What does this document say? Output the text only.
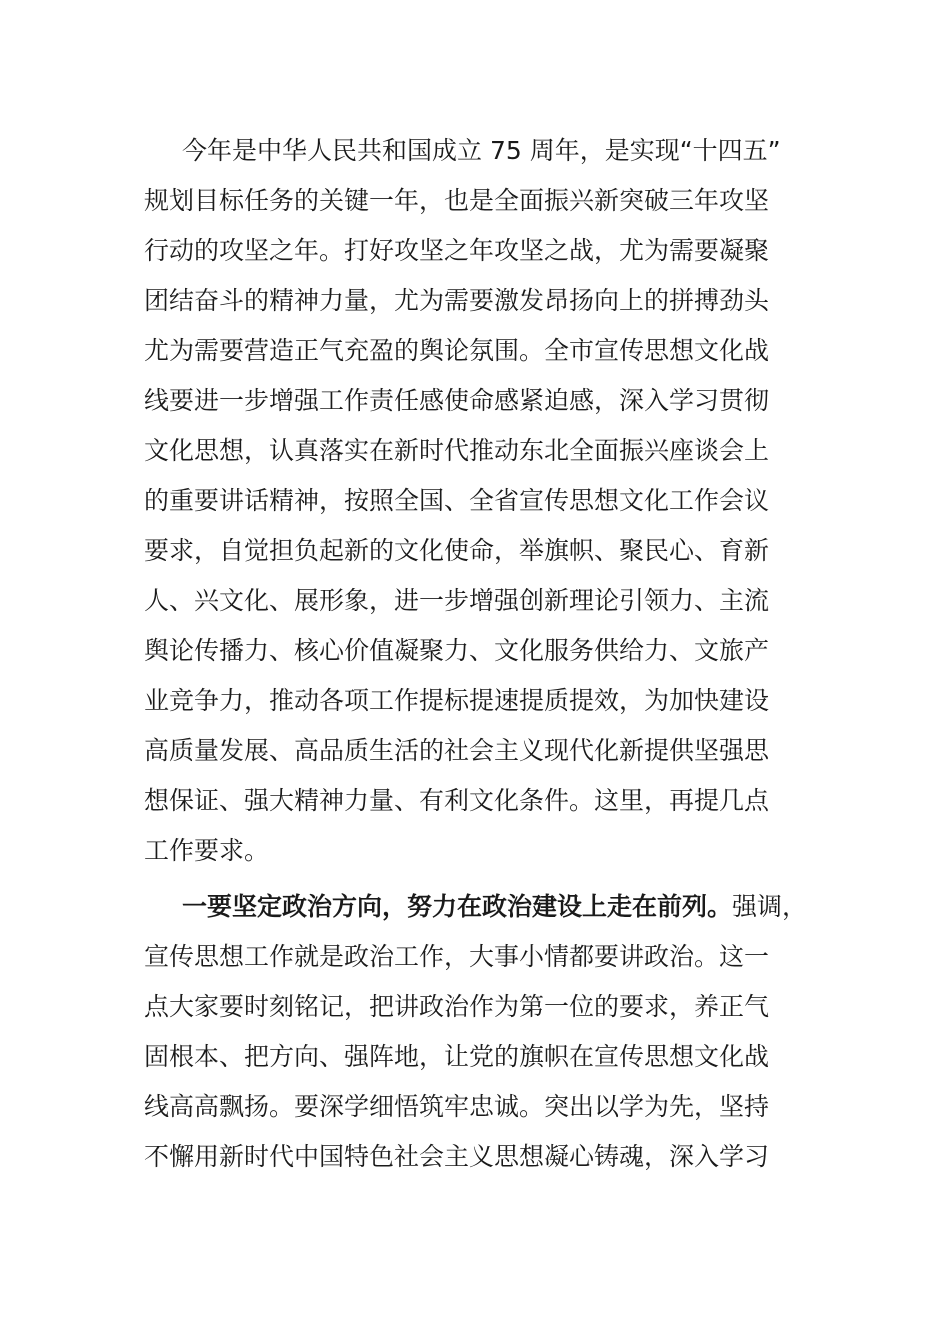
今年是中华人民共和国成立 75 周年，是实现“十四五”
规划目标任务的关键一年，也是全面振兴新突破三年攻坚
行动的攻坚之年。打好攻坚之年攻坚之战，尤为需要凝聚
团结奋斗的精神力量，尤为需要激发昂扬向上的拼搏劲头
尤为需要营造正气充盈的舆论氛围。全市宣传思想文化战
线要进一步增强工作责任感使命感紧迫感，深入学习贯彻
文化思想，认真落实在新时代推动东北全面振兴座谈会上
的重要讲话精神，按照全国、全省宣传思想文化工作会议
要求，自觉担负起新的文化使命，举旗帜、聚民心、育新
人、兴文化、展形象，进一步增强创新理论引领力、主流
舆论传播力、核心价值凝聚力、文化服务供给力、文旅产
业竞争力，推动各项工作提标提速提质提效，为加快建设
高质量发展、高品质生活的社会主义现代化新提供坚强思
想保证、强大精神力量、有利文化条件。这里，再提几点
工作要求。
一要坚定政治方向，努力在政治建设上走在前列。强调，
宣传思想工作就是政治工作，大事小情都要讲政治。这一
点大家要时刻铭记，把讲政治作为第一位的要求，养正气
固根本、把方向、强阵地，让党的旗帜在宣传思想文化战
线高高飘扬。要深学细悟筑牢忠诚。突出以学为先，坚持
不懈用新时代中国特色社会主义思想凝心铸魂，深入学习
